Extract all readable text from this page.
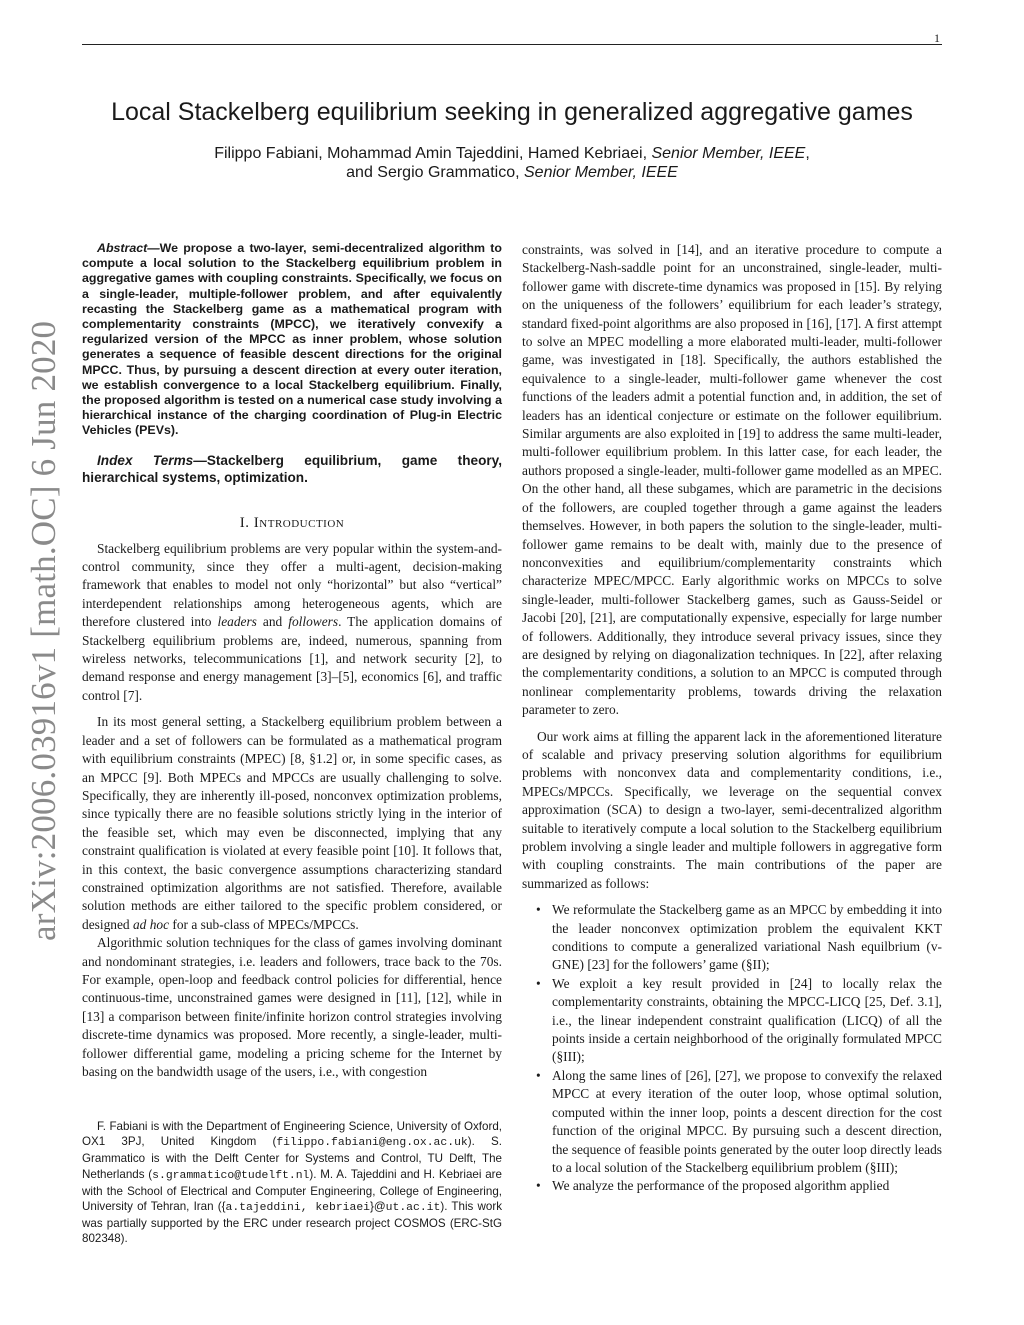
1
arXiv:2006.03916v1 [math.OC] 6 Jun 2020
Local Stackelberg equilibrium seeking in generalized aggregative games
Filippo Fabiani, Mohammad Amin Tajeddini, Hamed Kebriaei, Senior Member, IEEE,
and Sergio Grammatico, Senior Member, IEEE

Abstract—We propose a two-layer, semi-decentralized algorithm to compute a local solution to the Stackelberg equilibrium problem in aggregative games with coupling constraints. Specifically, we focus on a single-leader, multiple-follower problem, and after equivalently recasting the Stackelberg game as a mathematical program with complementarity constraints (MPCC), we iteratively convexify a regularized version of the MPCC as inner problem, whose solution generates a sequence of feasible descent directions for the original MPCC. Thus, by pursuing a descent direction at every outer iteration, we establish convergence to a local Stackelberg equilibrium. Finally, the proposed algorithm is tested on a numerical case study involving a hierarchical instance of the charging coordination of Plug-in Electric Vehicles (PEVs).

Index Terms—Stackelberg equilibrium, game theory, hierarchical systems, optimization.

I. Introduction

Stackelberg equilibrium problems are very popular within the system-and-control community, since they offer a multi-agent, decision-making framework that enables to model not only “horizontal” but also “vertical” interdependent relationships among heterogeneous agents, which are therefore clustered into leaders and followers. The application domains of Stackelberg equilibrium problems are, indeed, numerous, spanning from wireless networks, telecommunications [1], and network security [2], to demand response and energy management [3]–[5], economics [6], and traffic control [7].

In its most general setting, a Stackelberg equilibrium problem between a leader and a set of followers can be formulated as a mathematical program with equilibrium constraints (MPEC) [8, §1.2] or, in some specific cases, as an MPCC [9]. Both MPECs and MPCCs are usually challenging to solve. Specifically, they are inherently ill-posed, nonconvex optimization problems, since typically there are no feasible solutions strictly lying in the interior of the feasible set, which may even be disconnected, implying that any constraint qualification is violated at every feasible point [10]. It follows that, in this context, the basic convergence assumptions characterizing standard constrained optimization algorithms are not satisfied. Therefore, available solution methods are either tailored to the specific problem considered, or designed ad hoc for a sub-class of MPECs/MPCCs.

Algorithmic solution techniques for the class of games involving dominant and nondominant strategies, i.e. leaders and followers, trace back to the 70s. For example, open-loop and feedback control policies for differential, hence continuous-time, unconstrained games were designed in [11], [12], while in [13] a comparison between finite/infinite horizon control strategies involving discrete-time dynamics was proposed. More recently, a single-leader, multi-follower differential game, modeling a pricing scheme for the Internet by basing on the bandwidth usage of the users, i.e., with congestion

F. Fabiani is with the Department of Engineering Science, University of Oxford, OX1 3PJ, United Kingdom (filippo.fabiani@eng.ox.ac.uk). S. Grammatico is with the Delft Center for Systems and Control, TU Delft, The Netherlands (s.grammatico@tudelft.nl). M. A. Tajeddini and H. Kebriaei are with the School of Electrical and Computer Engineering, College of Engineering, University of Tehran, Iran ({a.tajeddini, kebriaei}@ut.ac.it). This work was partially supported by the ERC under research project COSMOS (ERC-StG 802348).

constraints, was solved in [14], and an iterative procedure to compute a Stackelberg-Nash-saddle point for an unconstrained, single-leader, multi-follower game with discrete-time dynamics was proposed in [15]. By relying on the uniqueness of the followers’ equilibrium for each leader’s strategy, standard fixed-point algorithms are also proposed in [16], [17]. A first attempt to solve an MPEC modelling a more elaborated multi-leader, multi-follower game, was investigated in [18]. Specifically, the authors established the equivalence to a single-leader, multi-follower game whenever the cost functions of the leaders admit a potential function and, in addition, the set of leaders has an identical conjecture or estimate on the follower equilibrium. Similar arguments are also exploited in [19] to address the same multi-leader, multi-follower equilibrium problem. In this latter case, for each leader, the authors proposed a single-leader, multi-follower game modelled as an MPEC. On the other hand, all these subgames, which are parametric in the decisions of the followers, are coupled together through a game against the leaders themselves. However, in both papers the solution to the single-leader, multi-follower game remains to be dealt with, mainly due to the presence of nonconvexities and equilibrium/complementarity constraints which characterize MPEC/MPCC. Early algorithmic works on MPCCs to solve single-leader, multi-follower Stackelberg games, such as Gauss-Seidel or Jacobi [20], [21], are computationally expensive, especially for large number of followers. Additionally, they introduce several privacy issues, since they are designed by relying on diagonalization techniques. In [22], after relaxing the complementarity conditions, a solution to an MPCC is computed through nonlinear complementarity problems, towards driving the relaxation parameter to zero.

Our work aims at filling the apparent lack in the aforementioned literature of scalable and privacy preserving solution algorithms for equilibrium problems with nonconvex data and complementarity conditions, i.e., MPECs/MPCCs. Specifically, we leverage on the sequential convex approximation (SCA) to design a two-layer, semi-decentralized algorithm suitable to iteratively compute a local solution to the Stackelberg equilibrium problem involving a single leader and multiple followers in aggregative form with coupling constraints. The main contributions of the paper are summarized as follows:

• We reformulate the Stackelberg game as an MPCC by embedding it into the leader nonconvex optimization problem the equivalent KKT conditions to compute a generalized variational Nash equilbrium (v-GNE) [23] for the followers’ game (§II);
• We exploit a key result provided in [24] to locally relax the complementarity constraints, obtaining the MPCC-LICQ [25, Def. 3.1], i.e., the linear independent constraint qualification (LICQ) of all the points inside a certain neighborhood of the originally formulated MPCC (§III);
• Along the same lines of [26], [27], we propose to convexify the relaxed MPCC at every iteration of the outer loop, whose optimal solution, computed within the inner loop, points a descent direction for the cost function of the original MPCC. By pursuing such a descent direction, the sequence of feasible points generated by the outer loop directly leads to a local solution of the Stackelberg equilibrium problem (§III);
• We analyze the performance of the proposed algorithm applied
